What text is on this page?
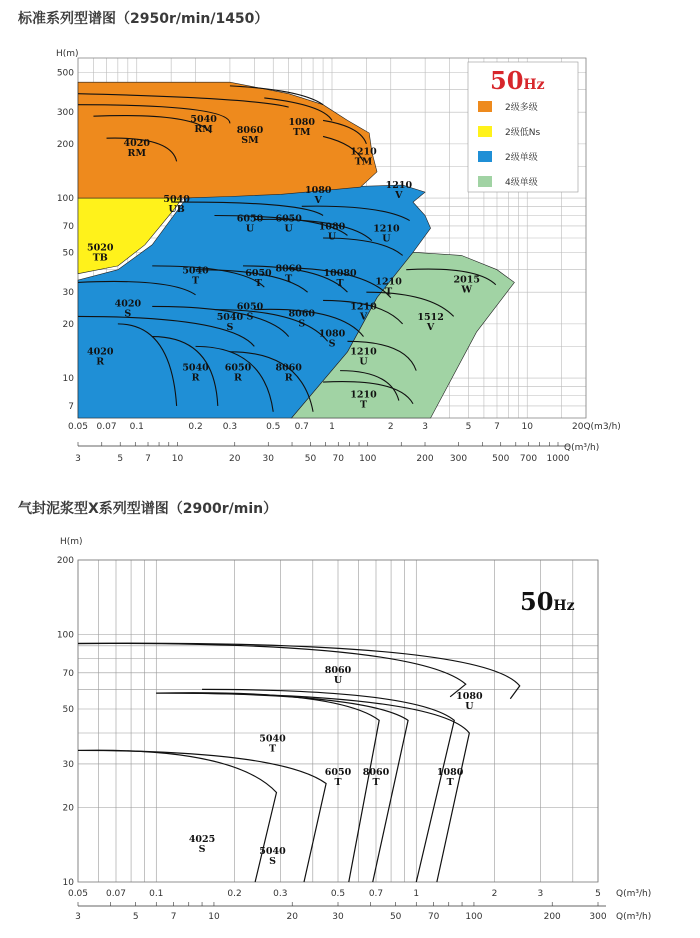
标准系列型谱图（2950r/min/1450）
气封泥浆型X系列型谱图（2900r/min）
H(m)
500
300
200
100
70
50
30
20
10
7
0.05 0.07 0.1	0.2 0.3	0.5 0.7 1	2	3	5	7 10	20Q(m3/h)
3	5 7 10	20 30	50 70 100	200 300	500 700 1000
Q(m³/h)
50Hz
2级多级
2级低Ns
2级单级
4级单级
4020
RM
5040
RM	8060
SM
1080
TM
1210
TM
5040
UB
5020
TB
6050
U
6050
U	1080
U
1210
U
1080
V
1210
V
5040
T
6050
T
8060
T
10080
T	1210
T
2015
W
4020
S	5040
S
6050
S	8060
S
1210
V	1512
V
1080
S
1210
U
4020
R
5040
R
6050
R
8060
R
1210
T
H(m)
200
100
70
50
30
20
10
0.05 0.07	0.1	0.2	0.3	0.5	0.7	1	2	3	5 Q(m³/h)
3	5	7	10	20	30	50	70	100	200	300 Q(m³/h)
50Hz
8060
U
1080
U
5040
T
6050
T
8060
T
1080
T
4025
S	5040
S
